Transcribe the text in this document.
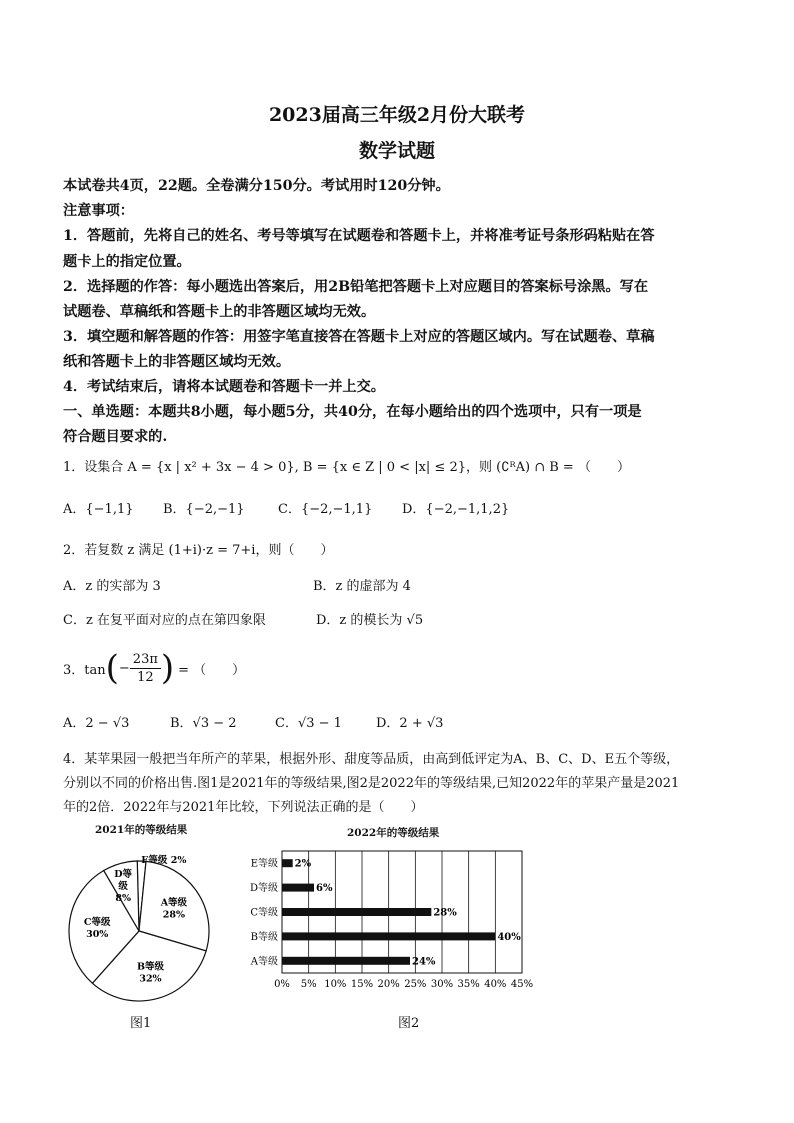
2023届高三年级2月份大联考
数学试题
本试卷共4页，22题。全卷满分150分。考试用时120分钟。
注意事项：
1．答题前，先将自己的姓名、考号等填写在试题卷和答题卡上，并将准考证号条形码粘贴在答
题卡上的指定位置。
2．选择题的作答：每小题选出答案后，用2B铅笔把答题卡上对应题目的答案标号涂黑。写在
试题卷、草稿纸和答题卡上的非答题区域均无效。
3．填空题和解答题的作答：用签字笔直接答在答题卡上对应的答题区域内。写在试题卷、草稿
纸和答题卡上的非答题区域均无效。
4．考试结束后，请将本试题卷和答题卡一并上交。
一、单选题：本题共8小题，每小题5分，共40分，在每小题给出的四个选项中，只有一项是
符合题目要求的.
1．设集合 A = {x | x² + 3x − 4 > 0}, B = {x ∈ Z | 0 < |x| ≤ 2}，则 (∁ᴿA) ∩ B = （　　）
A．{−1,1} B．{−2,−1}	C．{−2,−1,1} D．{−2,−1,1,2}
2．若复数 z 满足 (1+i)·z = 7+i，则（　　）
A．z 的实部为 3	B．z 的虚部为 4
C．z 在复平面对应的点在第四象限	D．z 的模长为 √5
3．tan ( − $\frac{23\pi}{12}$ ) = （　　）
A．2 − √3	B．√3 − 2	C．√3 − 1	D．2 + √3
4．某苹果园一般把当年所产的苹果，根据外形、甜度等品质，由高到低评定为A、B、C、D、E五个等级，
分别以不同的价格出售.图1是2021年的等级结果,图2是2022年的等级结果,已知2022年的苹果产量是2021
年的2倍．2022年与2021年比较，下列说法正确的是（　　）
2021年的等级结果
E等级 2%
A等级
28%
B等级
32%
C等级
30%
D等
级
8%
图1
2022年的等级结果
0% 5% 10% 15% 20% 25% 30% 35% 40% 45%
E等级 2%
D等级	6%
C等级	28%
B等级	40%
A等级	24%
图2
